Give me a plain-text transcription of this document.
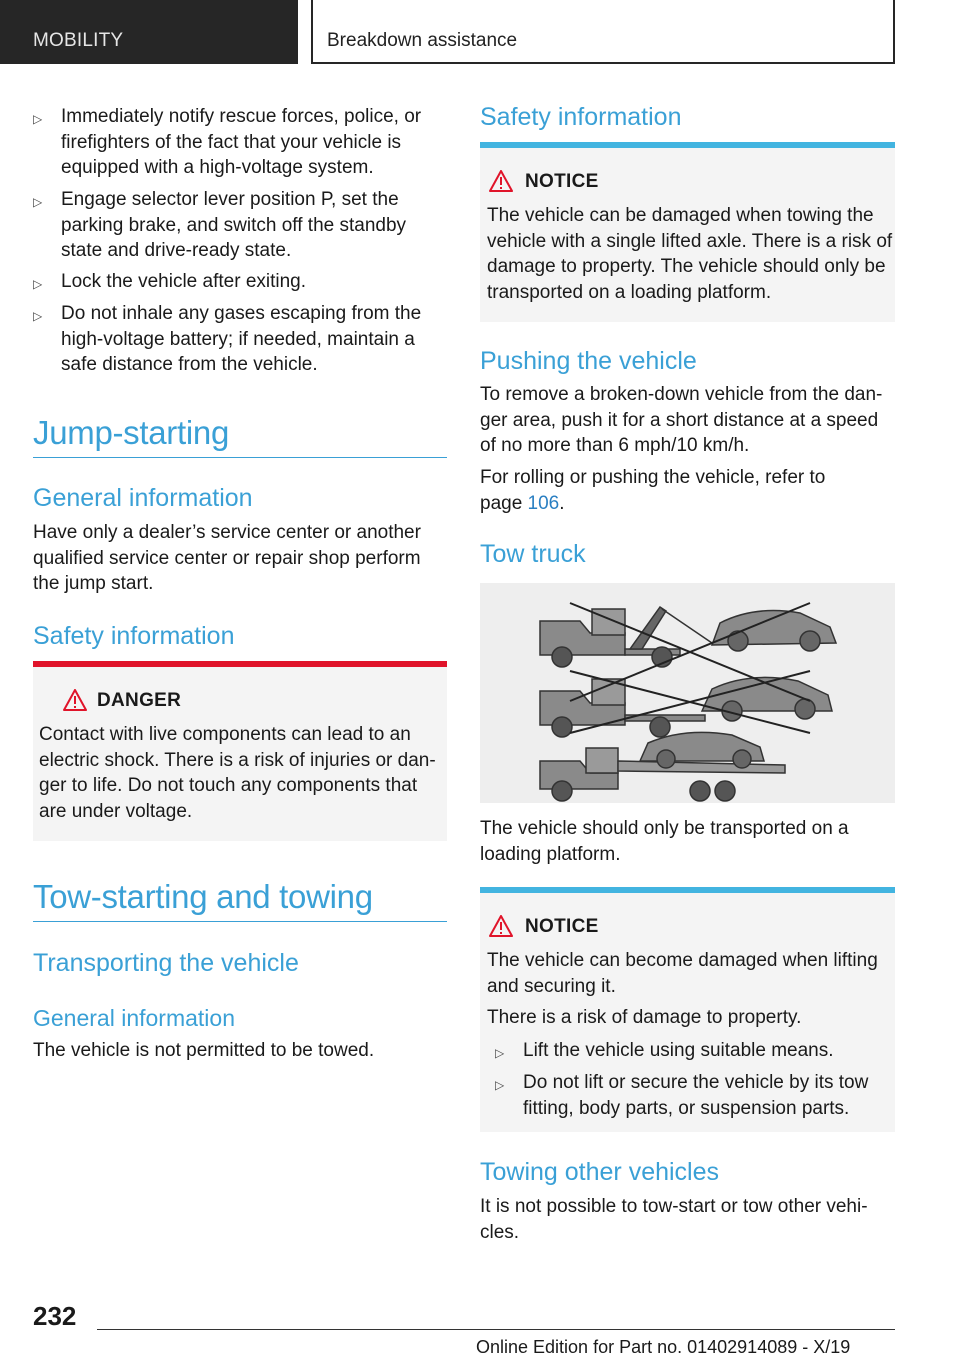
MOBILITY	Breakdown assistance
▷ Immediately notify rescue forces, police, or
firefighters of the fact that your vehicle is
equipped with a high-voltage system.
▷ Engage selector lever position P, set the
parking brake, and switch off the standby
state and drive-ready state.
▷ Lock the vehicle after exiting.
▷ Do not inhale any gases escaping from the
high-voltage battery; if needed, maintain a
safe distance from the vehicle.
Jump-starting
General information
Have only a dealer’s service center or another
qualified service center or repair shop perform
the jump start.
Safety information
DANGER
Contact with live components can lead to an
electric shock. There is a risk of injuries or dan‐
ger to life. Do not touch any components that
are under voltage.
Tow-starting and towing
Transporting the vehicle
General information
The vehicle is not permitted to be towed.
Safety information
NOTICE
The vehicle can be damaged when towing the
vehicle with a single lifted axle. There is a risk of
damage to property. The vehicle should only be
transported on a loading platform.
Pushing the vehicle
To remove a broken-down vehicle from the dan‐
ger area, push it for a short distance at a speed
of no more than 6 mph/10 km/h.
For rolling or pushing the vehicle, refer to
page 106.
Tow truck
The vehicle should only be transported on a
loading platform.
NOTICE
The vehicle can become damaged when lifting
and securing it.
There is a risk of damage to property.
▷ Lift the vehicle using suitable means.
▷ Do not lift or secure the vehicle by its tow
fitting, body parts, or suspension parts.
Towing other vehicles
It is not possible to tow-start or tow other vehi‐
cles.
232
Online Edition for Part no. 01402914089 - X/19
